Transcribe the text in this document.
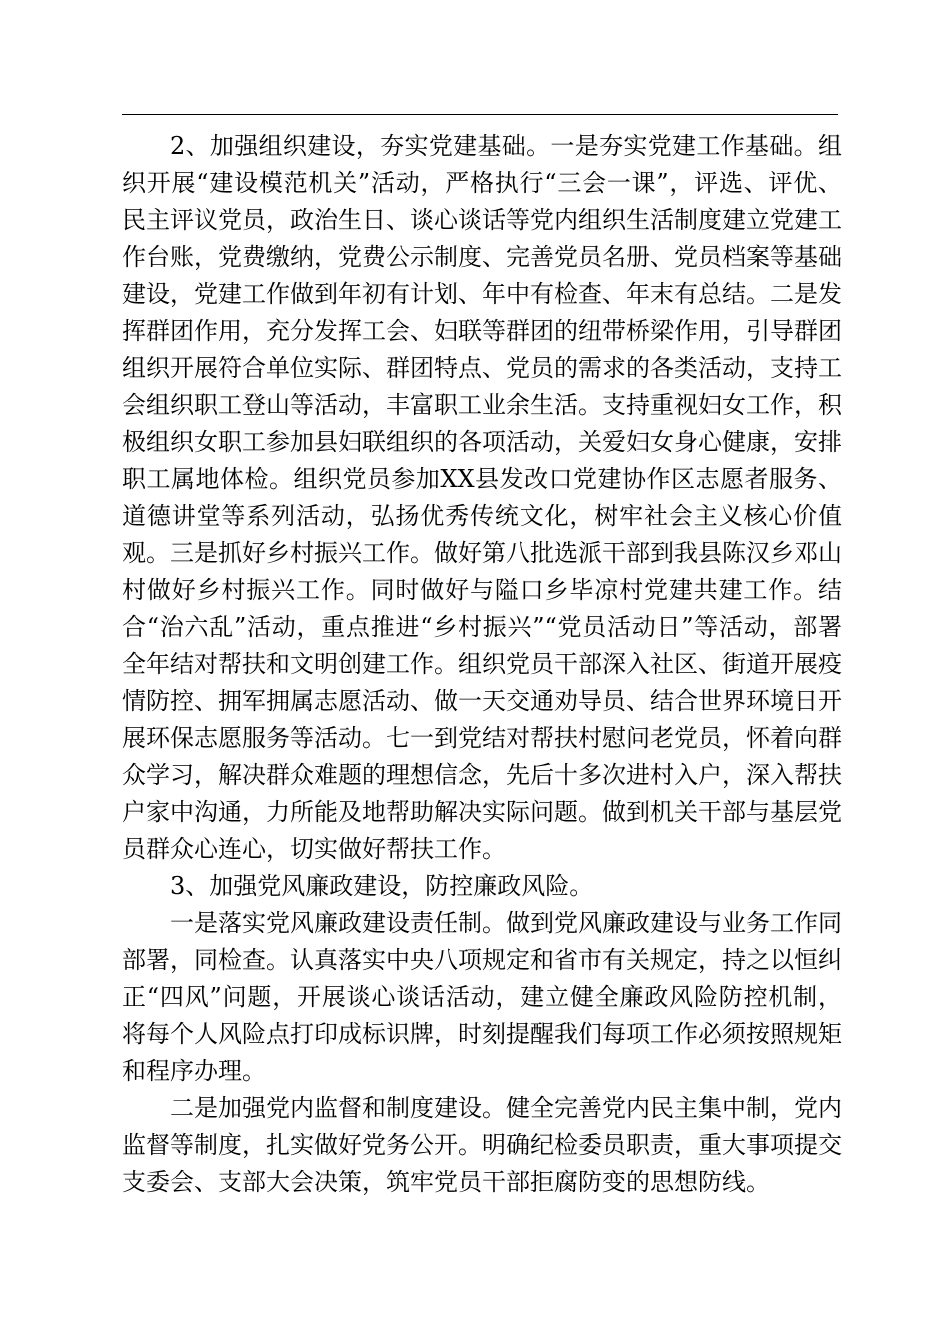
2、加强组织建设，夯实党建基础。一是夯实党建工作基础。组织开展“建设模范机关”活动，严格执行“三会一课”，评选、评优、民主评议党员，政治生日、谈心谈话等党内组织生活制度建立党建工作台账，党费缴纳，党费公示制度、完善党员名册、党员档案等基础建设，党建工作做到年初有计划、年中有检查、年末有总结。二是发挥群团作用，充分发挥工会、妇联等群团的纽带桥梁作用，引导群团组织开展符合单位实际、群团特点、党员的需求的各类活动，支持工会组织职工登山等活动，丰富职工业余生活。支持重视妇女工作，积极组织女职工参加县妇联组织的各项活动，关爱妇女身心健康，安排职工属地体检。组织党员参加XX县发改口党建协作区志愿者服务、道德讲堂等系列活动，弘扬优秀传统文化，树牢社会主义核心价值观。三是抓好乡村振兴工作。做好第八批选派干部到我县陈汉乡邓山村做好乡村振兴工作。同时做好与隘口乡毕凉村党建共建工作。结合“治六乱”活动，重点推进“乡村振兴”“党员活动日”等活动，部署全年结对帮扶和文明创建工作。组织党员干部深入社区、街道开展疫情防控、拥军拥属志愿活动、做一天交通劝导员、结合世界环境日开展环保志愿服务等活动。七一到党结对帮扶村慰问老党员，怀着向群众学习，解决群众难题的理想信念，先后十多次进村入户，深入帮扶户家中沟通，力所能及地帮助解决实际问题。做到机关干部与基层党员群众心连心，切实做好帮扶工作。

3、加强党风廉政建设，防控廉政风险。

一是落实党风廉政建设责任制。做到党风廉政建设与业务工作同部署，同检查。认真落实中央八项规定和省市有关规定，持之以恒纠正“四风”问题，开展谈心谈话活动，建立健全廉政风险防控机制，将每个人风险点打印成标识牌，时刻提醒我们每项工作必须按照规矩和程序办理。

二是加强党内监督和制度建设。健全完善党内民主集中制，党内监督等制度，扎实做好党务公开。明确纪检委员职责，重大事项提交支委会、支部大会决策，筑牢党员干部拒腐防变的思想防线。
